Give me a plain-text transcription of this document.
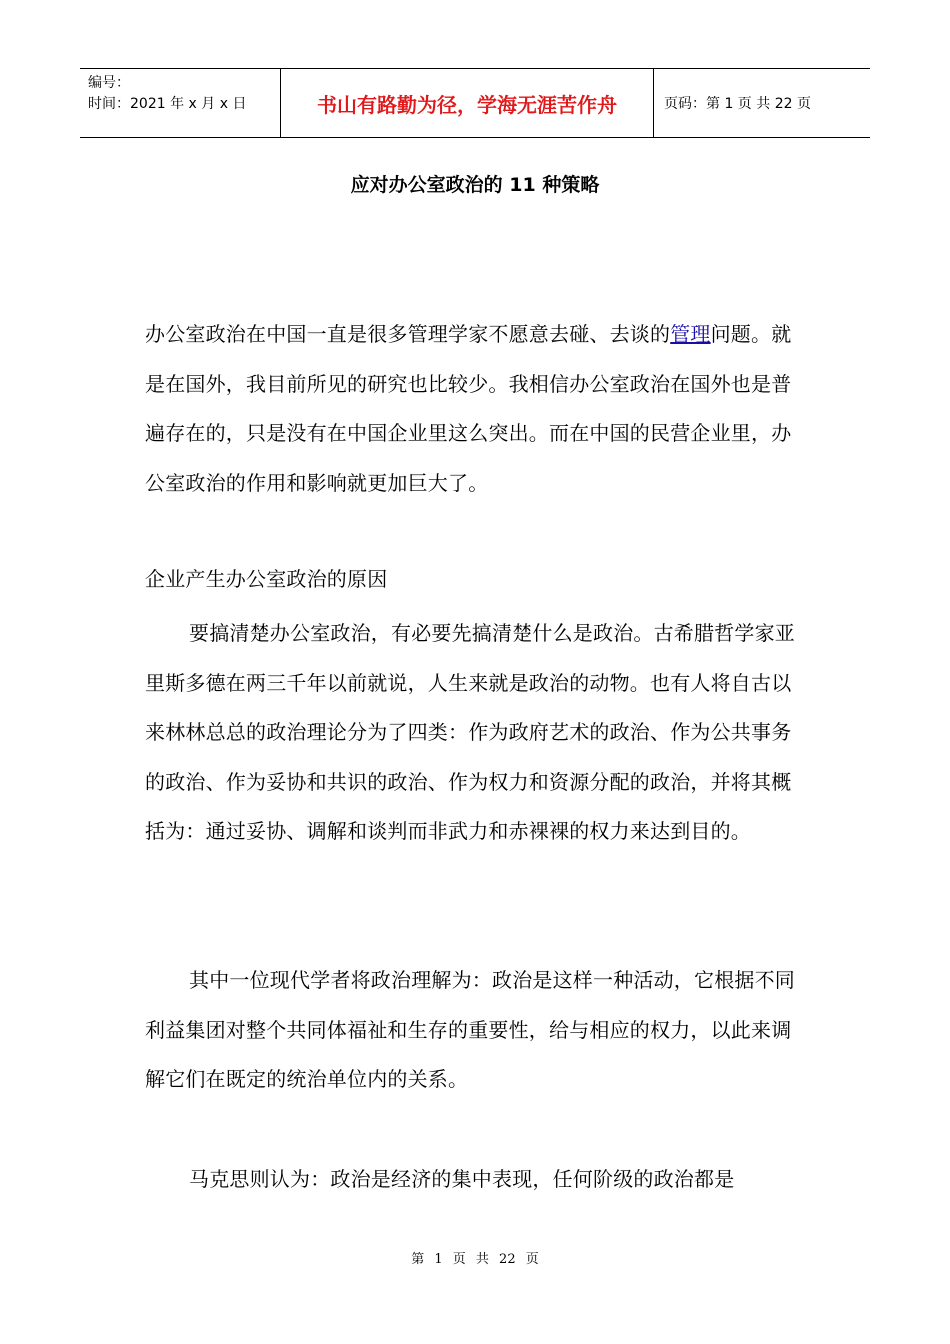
编号：
时间：2021 年 x 月 x 日	书山有路勤为径，学海无涯苦作舟	页码：第 1 页 共 22 页
应对办公室政治的 11 种策略

办公室政治在中国一直是很多管理学家不愿意去碰、去谈的管理问题。就是在国外，我目前所见的研究也比较少。我相信办公室政治在国外也是普遍存在的，只是没有在中国企业里这么突出。而在中国的民营企业里，办公室政治的作用和影响就更加巨大了。

企业产生办公室政治的原因

要搞清楚办公室政治，有必要先搞清楚什么是政治。古希腊哲学家亚里斯多德在两三千年以前就说，人生来就是政治的动物。也有人将自古以来林林总总的政治理论分为了四类：作为政府艺术的政治、作为公共事务的政治、作为妥协和共识的政治、作为权力和资源分配的政治，并将其概括为：通过妥协、调解和谈判而非武力和赤裸裸的权力来达到目的。

其中一位现代学者将政治理解为：政治是这样一种活动，它根据不同利益集团对整个共同体福祉和生存的重要性，给与相应的权力，以此来调解它们在既定的统治单位内的关系。

马克思则认为：政治是经济的集中表现，任何阶级的政治都是

第 1 页 共 22 页
